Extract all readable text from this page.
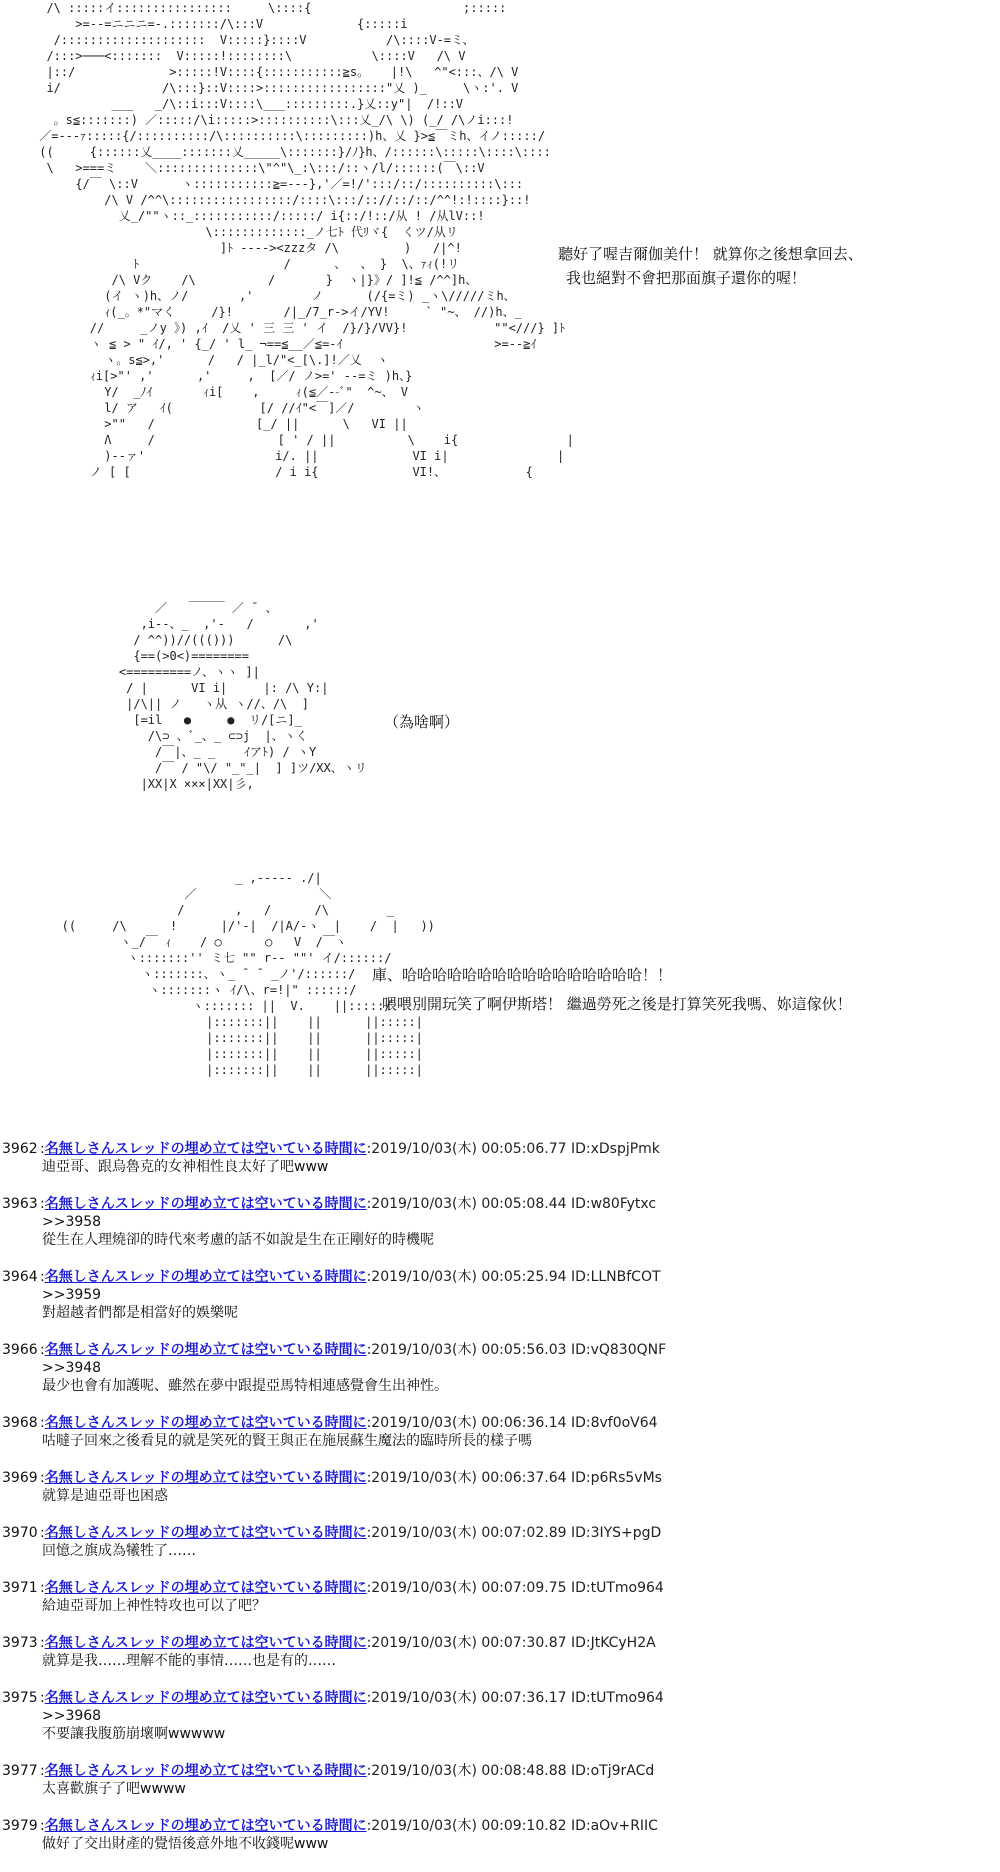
/\ :::::イ::::::::::::::::     \::::{                     ;:::::
>=--=ニニニ=-.:::::::/\:::V             {:::::i
/::::::::::::::::::::  V:::::}::::V           /\::::V-=ミ、
/:::>───<:::::::  V:::::!::::::::\           \::::V   /\ V
|::/             >:::::!V::::{:::::::::::≧s。   |!\   ^"<:::、/\ V
i/              /\:::}::V::::>:::::::::::::::::"乂 )_     \ヽ:'. V
___   _/\::i:::V::::\___:::::::::.}乂::y"|  /!::V
。s≦:::::::) ／:::::/\i:::::>::::::::::\:::乂_/\ \) (_/ /\ノi:::!
／=---ｧ:::::{/::::::::::/\::::::::::\:::::::::)h、乂 }>≦￣ミh、イノ:::::/
((     {::::::乂____:::::::乂_____\:::::::}/ﾉ}h、/::::::\:::::\::::\::::
\   >===ミ    ＼::::::::::::::\"^"\_:\:::/::ヽ/l/::::::(￣\::V
{/￣ \::V      ヽ:::::::::::≧=---},'／=!/':::/::/::::::::::\:::
/\ V /^^\:::::::::::::::::/::::\:::/:://::/::/^^!:!::::}::!
乂_/""ヽ::_:::::::::::/:::::/ i{::/!::/从 ! /从lV::!
\:::::::::::::_ノ七ﾄ 代ﾘヾ{  くツ/从リ
]ﾄ ----><zzzタ /\         )   /|^!
ﾄ                    /      、  、 }  \、ｧｨ(!リ
/\ Vク    /\          /       }  ヽ|}》/ ]!≦ /^^]h、
(イ ヽ)h、ノ/       ,'        ノ      (/{=ミ) _ヽ\/////ミh、
ｨ(_。*"マく     /}!       /|_/7_r->イ/YV!     ` "~、 //)h、_
//     _ノy 》) ,ｲ  /乂 ' 三 三 ' イ  /}/}/VV}!            ""<///} ]ﾄ
ヽ ≦ > " ｲ/, ' {_/ ' l_ ¬==≦__／≦=-ｲ                     >=--≧ｲ
ヽ。s≦>,'      /   / |_l/"<_[\.]!／乂  ヽ
ｨi[>"' ,'      ,'     ,  [／/ ノ>=' --=ミ )h、}
Y/  _ﾉｲ       ｨi[    ,     ｨ(≦／--ﾞ"  ^~、 V
l/ ア   ｲ(            [/ //ｲ"<￣]／/        ヽ
>""   /              [_/ ||      \   VI ||
Ʌ     /                 [ ' / ||          \    i{               |
)--ァ'                  i/. ||             VI i|               |
ノ [ [                    / i i{             VI!、           {
聽好了喔吉爾伽美什！ 就算你之後想拿回去、
我也絕對不會把那面旗子還你的喔！
／   ￣￣￣ ／ ¯ 、
,i--、_  ,'-   /       ,'
/ ^^))//((()))      /\
{==(>0<)========
<=========ノ、ヽヽ ]|
/ |      VI i|     |: /\ Y:|
|/\|| ノ   ヽ从 ヽ//、/\  ]
[=il   ●     ●  リ/[ニ]_
/\⊃ 、ﾞ_、_ ⊂⊃j  |、ヽく
/￣|、_ _    ｲアﾄ) / ヽY
/￣ / "\/ "_"_|  ] ]ツ/XX、ヽリ
|XX|X ×××|XX|彡,
（為啥啊）
_ ,----- ./|
／                 ＼
/       ,   /      /\        _
((     /\      !      |/'-|  /|A/-ヽ  |    /  |   ))
ヽ_/￣ ｨ    / ○      ○   V  /￣ヽ
ヽ:::::::'' ミ七 "" r-- ""' イ/::::::/
ヽ:::::::、ヽ_ ¯ ¯ _ノ'/::::::/
ヽ:::::::ヽ ｲ/\、r=!|" ::::::/
ヽ::::::: ||  V.    ||:::::/
|:::::::||    ||      ||:::::|
|:::::::||    ||      ||:::::|
|:::::::||    ||      ||:::::|
|:::::::||    ||      ||:::::|
庫、哈哈哈哈哈哈哈哈哈哈哈哈哈哈哈哈！！
喂喂別開玩笑了啊伊斯塔！ 繼過勞死之後是打算笑死我嗎、妳這傢伙！
3962 : 名無しさんスレッドの埋め立ては空いている時間に : 2019/10/03(木) 00:05:06.77 ID:xDspjPmk
迪亞哥、跟烏魯克的女神相性良太好了吧www
3963 : 名無しさんスレッドの埋め立ては空いている時間に : 2019/10/03(木) 00:05:08.44 ID:w80Fytxc
>>3958
從生在人理燒卻的時代來考慮的話不如說是生在正剛好的時機呢
3964 : 名無しさんスレッドの埋め立ては空いている時間に : 2019/10/03(木) 00:05:25.94 ID:LLNBfCOT
>>3959
對超越者們都是相當好的娛樂呢
3966 : 名無しさんスレッドの埋め立ては空いている時間に : 2019/10/03(木) 00:05:56.03 ID:vQ830QNF
>>3948
最少也會有加護呢、雖然在夢中跟提亞馬特相連感覺會生出神性。
3968 : 名無しさんスレッドの埋め立ては空いている時間に : 2019/10/03(木) 00:06:36.14 ID:8vf0oV64
咕噠子回來之後看見的就是笑死的賢王與正在施展蘇生魔法的臨時所長的樣子嗎
3969 : 名無しさんスレッドの埋め立ては空いている時間に : 2019/10/03(木) 00:06:37.64 ID:p6Rs5vMs
就算是迪亞哥也困惑
3970 : 名無しさんスレッドの埋め立ては空いている時間に : 2019/10/03(木) 00:07:02.89 ID:3IYS+pgD
回憶之旗成為犧牲了……
3971 : 名無しさんスレッドの埋め立ては空いている時間に : 2019/10/03(木) 00:07:09.75 ID:tUTmo964
給迪亞哥加上神性特攻也可以了吧？
3973 : 名無しさんスレッドの埋め立ては空いている時間に : 2019/10/03(木) 00:07:30.87 ID:JtKCyH2A
就算是我……理解不能的事情……也是有的……
3975 : 名無しさんスレッドの埋め立ては空いている時間に : 2019/10/03(木) 00:07:36.17 ID:tUTmo964
>>3968
不要讓我腹筋崩壞啊wwwww
3977 : 名無しさんスレッドの埋め立ては空いている時間に : 2019/10/03(木) 00:08:48.88 ID:oTj9rACd
太喜歡旗子了吧wwww
3979 : 名無しさんスレッドの埋め立ては空いている時間に : 2019/10/03(木) 00:09:10.82 ID:aOv+RIIC
做好了交出財產的覺悟後意外地不收錢呢www
